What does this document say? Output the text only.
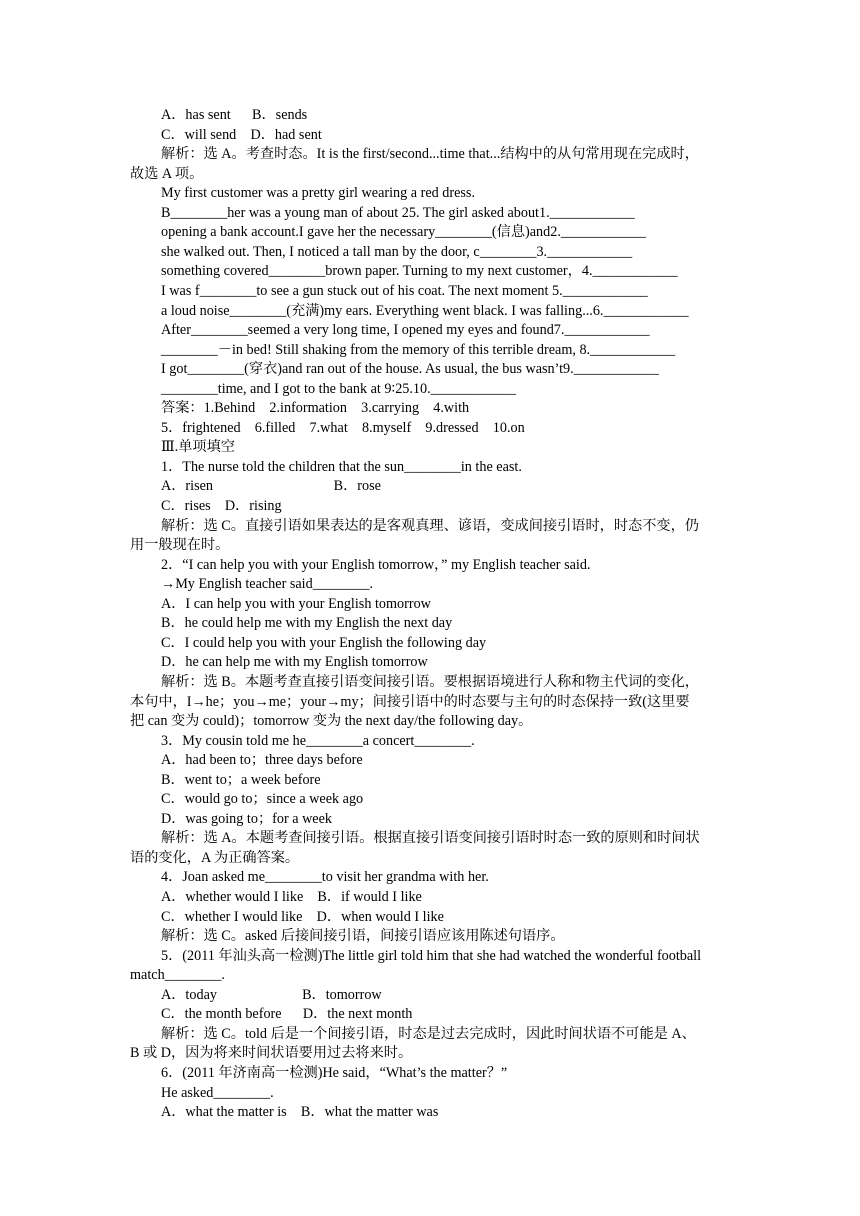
A．has sent      B．sends
C．will send    D．had sent
解析：选 A。考查时态。It is the first/second...time that...结构中的从句常用现在完成时，
故选 A 项。
My first customer was a pretty girl wearing a red dress.
B________her was a young man of about 25. The girl asked about1.____________
opening a bank account.I gave her the necessary________(信息)and2.____________
she walked out. Then, I noticed a tall man by the door, c________3.____________
something covered________brown paper. Turning to my next customer，4.____________
I was f________to see a gun stuck out of his coat. The next moment 5.____________
a loud noise________(充满)my ears. Everything went black. I was falling...6.____________
After________seemed a very long time, I opened my eyes and found7.____________
________－in bed! Still shaking from the memory of this terrible dream, 8.____________
I got________(穿衣)and ran out of the house. As usual, the bus wasn’t9.____________
________time, and I got to the bank at 9∶25.10.____________
答案：1.Behind    2.information    3.carrying    4.with
5．frightened    6.filled    7.what    8.myself    9.dressed    10.on
Ⅲ.单项填空
1．The nurse told the children that the sun________in the east.
A．risen                                  B．rose
C．rises    D．rising
解析：选 C。直接引语如果表达的是客观真理、谚语，变成间接引语时，时态不变，仍
用一般现在时。
2．“I can help you with your English tomorrow，” my English teacher said.
→My English teacher said________.
A．I can help you with your English tomorrow
B．he could help me with my English the next day
C．I could help you with your English the following day
D．he can help me with my English tomorrow
解析：选 B。本题考查直接引语变间接引语。要根据语境进行人称和物主代词的变化，
本句中，I→he；you→me；your→my；间接引语中的时态要与主句的时态保持一致(这里要
把 can 变为 could)；tomorrow 变为 the next day/the following day。
3．My cousin told me he________a concert________.
A．had been to；three days before
B．went to；a week before
C．would go to；since a week ago
D．was going to；for a week
解析：选 A。本题考查间接引语。根据直接引语变间接引语时时态一致的原则和时间状
语的变化，A 为正确答案。
4．Joan asked me________to visit her grandma with her.
A．whether would I like    B．if would I like
C．whether I would like    D．when would I like
解析：选 C。asked 后接间接引语，间接引语应该用陈述句语序。
5．(2011 年汕头高一检测)The little girl told him that she had watched the wonderful football
match________.
A．today                        B．tomorrow
C．the month before      D．the next month
解析：选 C。told 后是一个间接引语，时态是过去完成时，因此时间状语不可能是 A、
B 或 D，因为将来时间状语要用过去将来时。
6．(2011 年济南高一检测)He said，“What’s the matter？”
He asked________.
A．what the matter is    B．what the matter was
